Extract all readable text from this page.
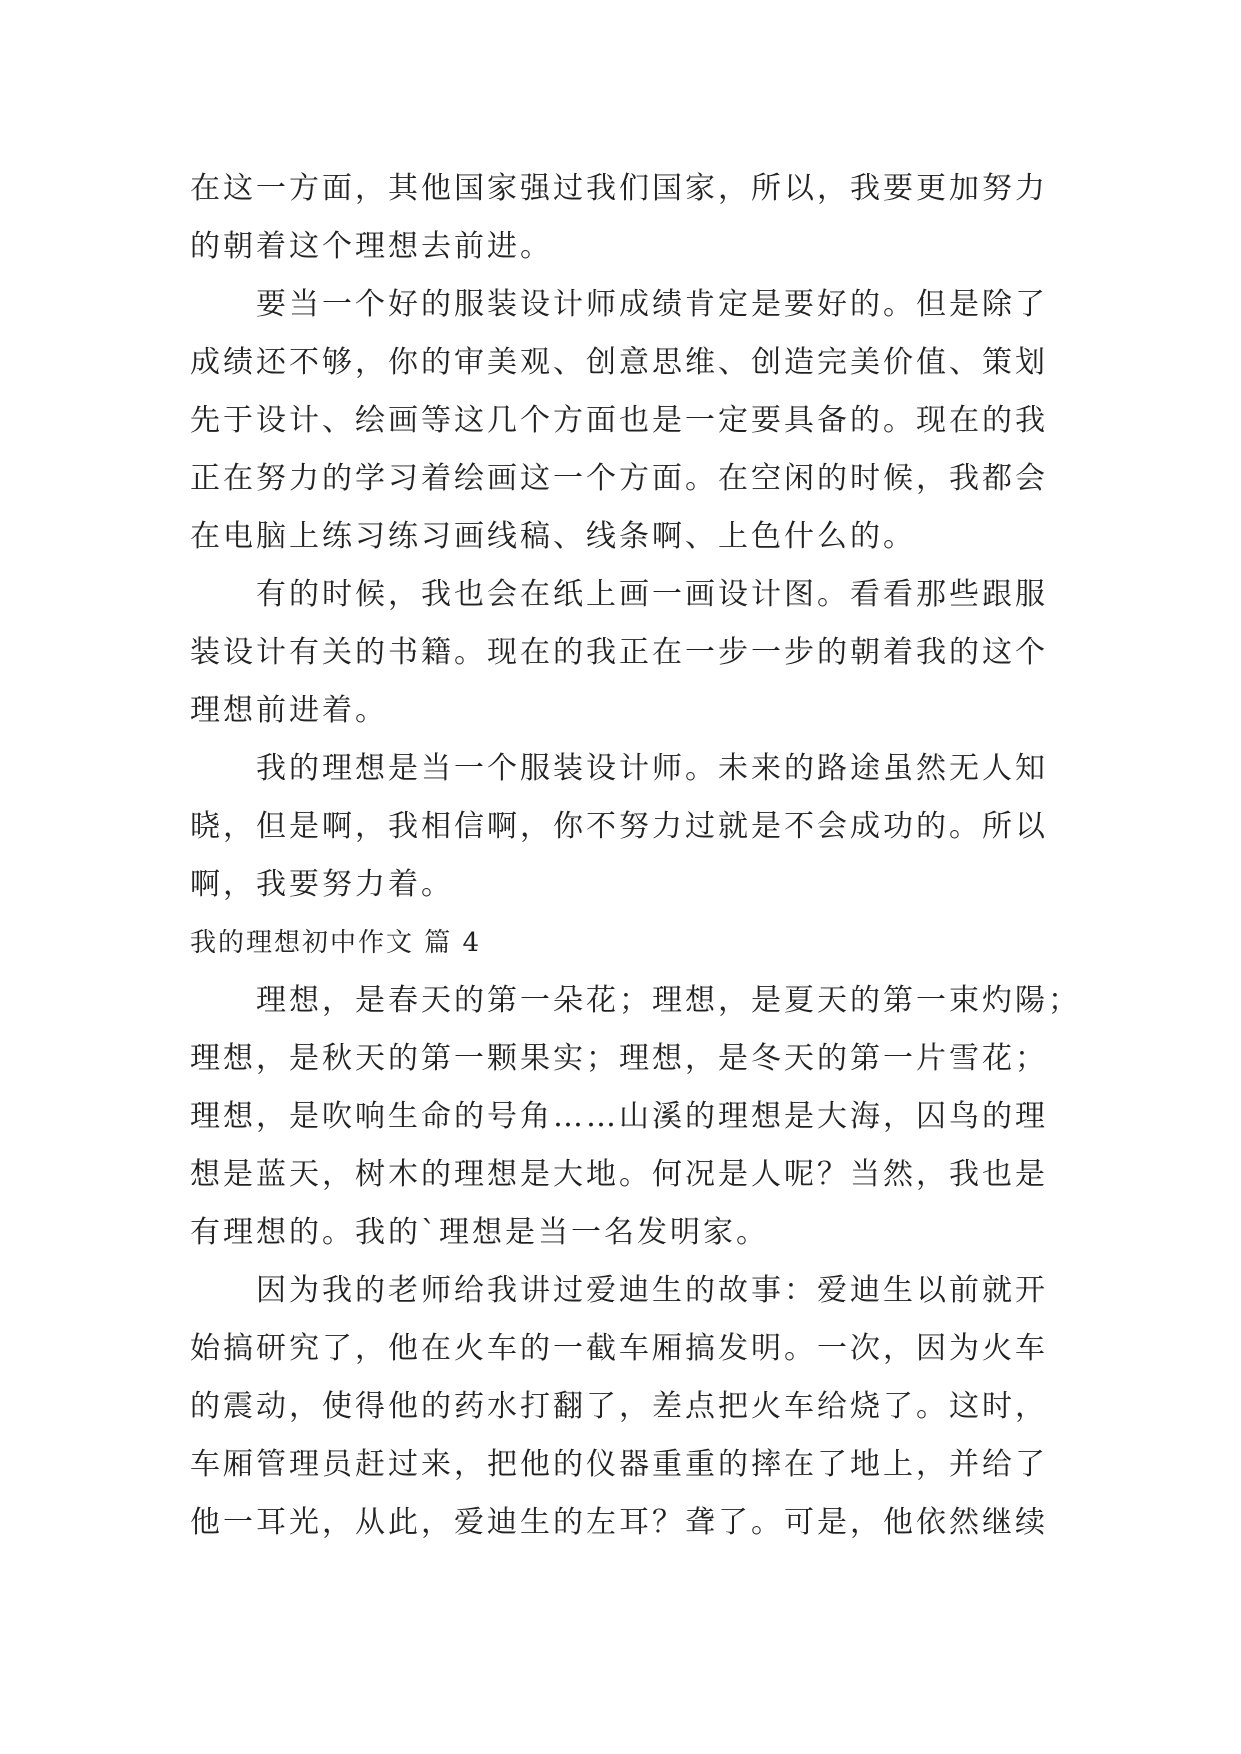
在这一方面，其他国家强过我们国家，所以，我要更加努力
的朝着这个理想去前进。
要当一个好的服装设计师成绩肯定是要好的。但是除了
成绩还不够，你的审美观、创意思维、创造完美价值、策划
先于设计、绘画等这几个方面也是一定要具备的。现在的我
正在努力的学习着绘画这一个方面。在空闲的时候，我都会
在电脑上练习练习画线稿、线条啊、上色什么的。
有的时候，我也会在纸上画一画设计图。看看那些跟服
装设计有关的书籍。现在的我正在一步一步的朝着我的这个
理想前进着。
我的理想是当一个服装设计师。未来的路途虽然无人知
晓，但是啊，我相信啊，你不努力过就是不会成功的。所以
啊，我要努力着。
我的理想初中作文 篇 4
理想，是春天的第一朵花；理想，是夏天的第一束灼陽；
理想，是秋天的第一颗果实；理想，是冬天的第一片雪花；
理想，是吹响生命的号角……山溪的理想是大海，囚鸟的理
想是蓝天，树木的理想是大地。何况是人呢？当然，我也是
有理想的。我的`理想是当一名发明家。
因为我的老师给我讲过爱迪生的故事：爱迪生以前就开
始搞研究了，他在火车的一截车厢搞发明。一次，因为火车
的震动，使得他的药水打翻了，差点把火车给烧了。这时，
车厢管理员赶过来，把他的仪器重重的摔在了地上，并给了
他一耳光，从此，爱迪生的左耳？聋了。可是，他依然继续
